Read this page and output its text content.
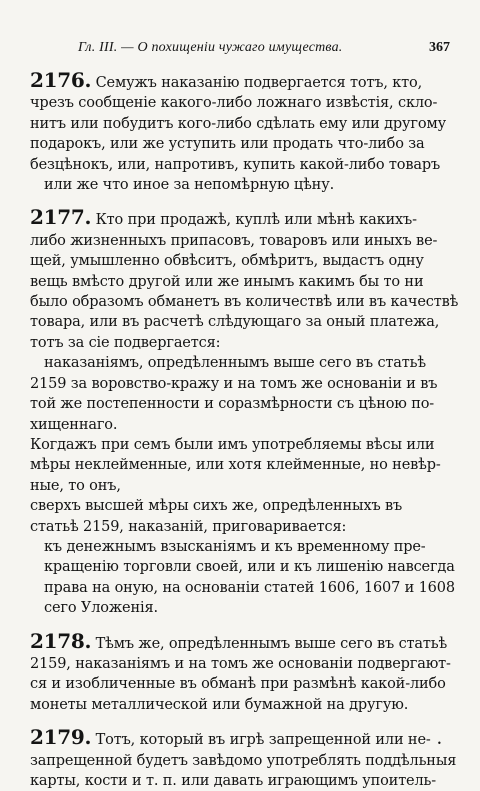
Гл. III. — О похищеніи чужаго имущества.	367
2176. Семужъ наказанію подвергается тотъ, кто,
чрезъ сообщеніе какого-либо ложнаго извѣстія, скло-
нитъ или побудитъ кого-либо сдѣлать ему или другому
подарокъ, или же уступить или продать что-либо за
безцѣнокъ, или, напротивъ, купить какой-либо товаръ
или же что иное за непомѣрную цѣну.
2177. Кто при продажѣ, куплѣ или мѣнѣ какихъ-
либо жизненныхъ припасовъ, товаровъ или иныхъ ве-
щей, умышленно обвѣситъ, обмѣритъ, выдастъ одну
вещь вмѣсто другой или же инымъ какимъ бы то ни
было образомъ обманетъ въ количествѣ или въ качествѣ
товара, или въ расчетѣ слѣдующаго за оный платежа,
тотъ за сіе подвергается:
наказаніямъ, опредѣленнымъ выше сего въ статьѣ
2159 за воровство-кражу и на томъ же основаніи и въ
той же постепенности и соразмѣрности съ цѣною по-
хищеннаго.
Когдажъ при семъ были имъ употребляемы вѣсы или
мѣры неклейменные, или хотя клейменные, но невѣр-
ные, то онъ,
сверхъ высшей мѣры сихъ же, опредѣленныхъ въ
статьѣ 2159, наказаній, приговаривается:
къ денежнымъ взысканіямъ и къ временному пре-
кращенію торговли своей, или и къ лишенію навсегда
права на оную, на основаніи статей 1606, 1607 и 1608
сего Уложенія.
2178. Тѣмъ же, опредѣленнымъ выше сего въ статьѣ
2159, наказаніямъ и на томъ же основаніи подвергают-
ся и изобличенные въ обманѣ при размѣнѣ какой-либо
монеты металлической или бумажной на другую.
2179. Тотъ, который въ игрѣ запрещенной или не-
запрещенной будетъ завѣдомо употреблять поддѣльныя
карты, кости и т. п. или давать играющимъ упоитель-
•
